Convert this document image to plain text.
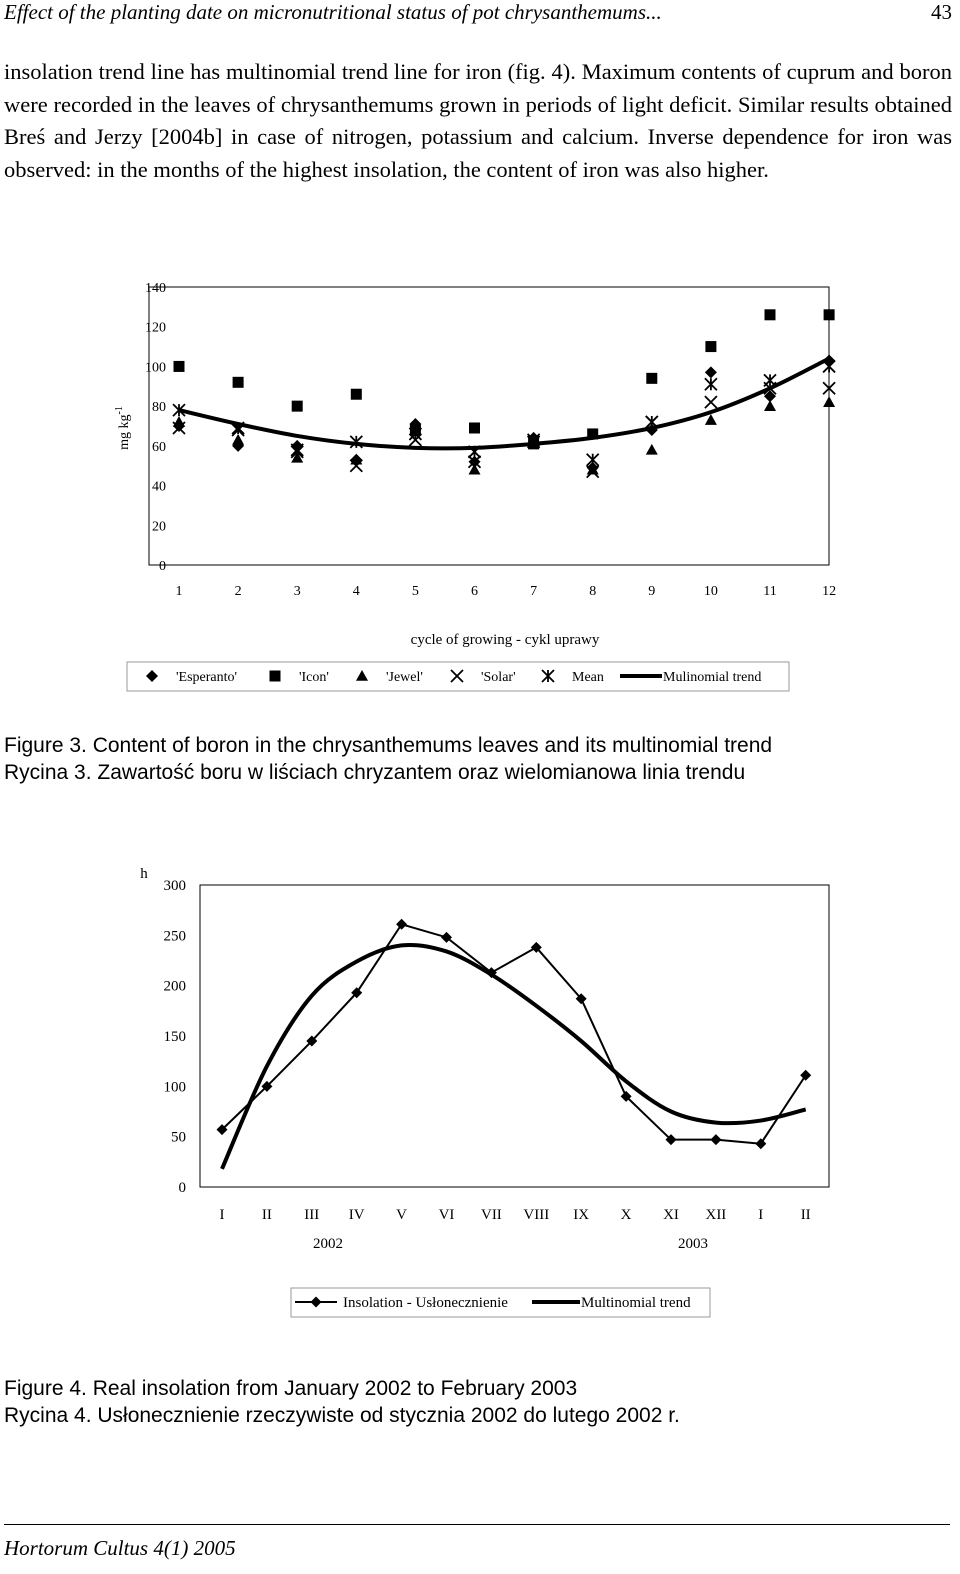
Effect of the planting date on micronutritional status of pot chrysanthemums...	43
insolation trend line has multinomial trend line for iron (fig. 4). Maximum contents of cuprum and boron were recorded in the leaves of chrysanthemums grown in periods of light deficit. Similar results obtained Breś and Jerzy [2004b] in case of nitrogen, potassium and calcium. Inverse dependence for iron was observed: in the months of the highest insolation, the content of iron was also higher.
0
20
40
60
80
100
120
140
1	2	3	4	5	6	7	8	9	10	11	12
mg $kg^{-1}$
cycle of growing - cykl uprawy
'Esperanto'	'Icon'	'Jewel'	'Solar'	Mean	Mulinomial trend
Figure 3. Content of boron in the chrysanthemums leaves and its multinomial trend
Rycina 3. Zawartość boru w liściach chryzantem oraz wielomianowa linia trendu
0
50
100
150
200
250
300
I II III IV V VI VII VIII IX X XI XII I II
h
2002	2003
Insolation - Usłonecznienie	Multinomial trend
Figure 4. Real insolation from January 2002 to February 2003
Rycina 4. Usłonecznienie rzeczywiste od stycznia 2002 do lutego 2002 r.
Hortorum Cultus 4(1) 2005
